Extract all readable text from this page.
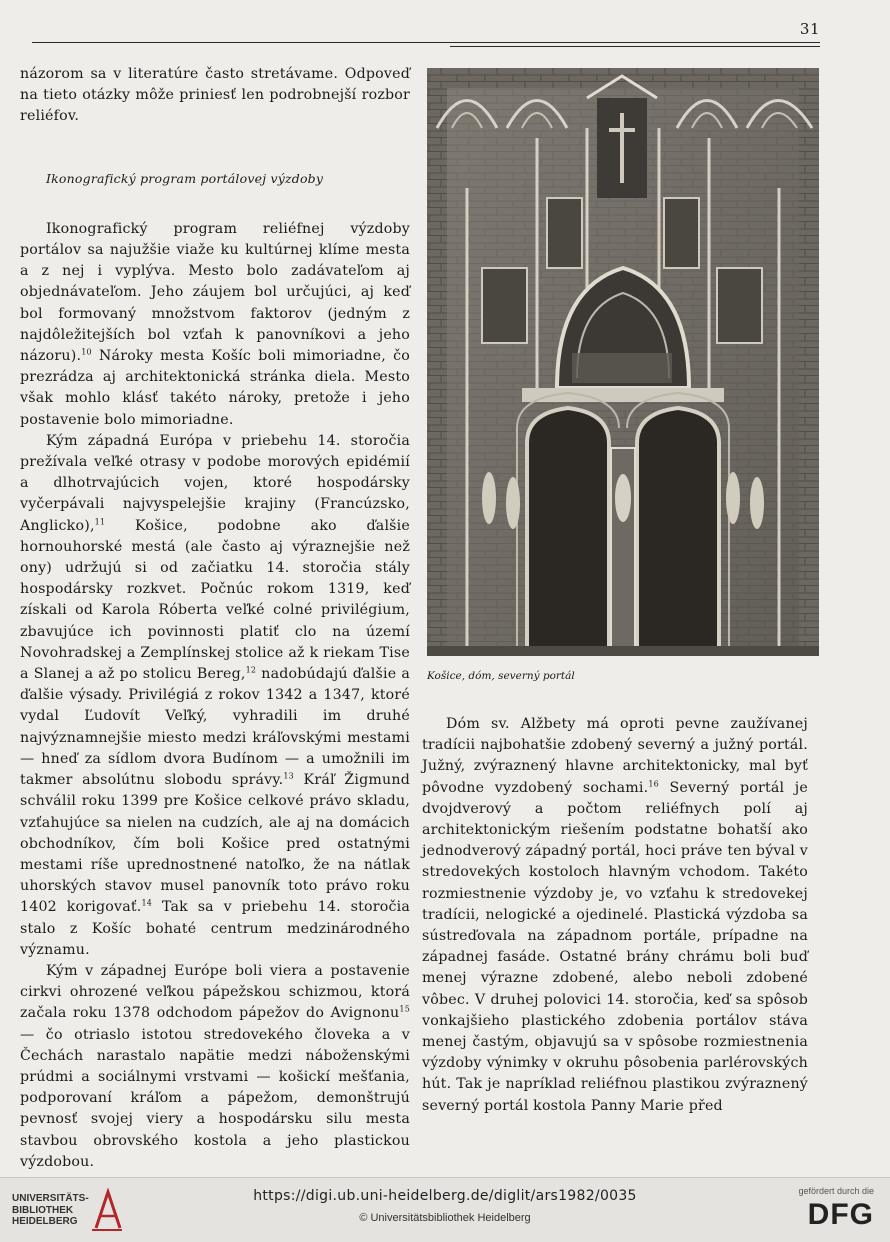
31

názorom sa v literatúre často stretávame. Odpoveď na tieto otázky môže priniesť len podrobnejší rozbor reliéfov.

Ikonografický program portálovej výzdoby

Ikonografický program reliéfnej výzdoby portálov sa najužšie viaže ku kultúrnej klíme mesta a z nej i vyplýva. Mesto bolo zadávateľom aj objednávateľom. Jeho záujem bol určujúci, aj keď bol formovaný množstvom faktorov (jedným z najdôležitejších bol vzťah k panovníkovi a jeho názoru).$^{10}$ Nároky mesta Košíc boli mimoriadne, čo prezrádza aj architektonická stránka diela. Mesto však mohlo klásť takéto nároky, pretože i jeho postavenie bolo mimoriadne.

Kým západná Európa v priebehu 14. storočia prežívala veľké otrasy v podobe morových epidémií a dlhotrvajúcich vojen, ktoré hospodársky vyčerpávali najvyspelejšie krajiny (Francúzsko, Anglicko),$^{11}$ Košice, podobne ako ďalšie hornouhorské mestá (ale často aj výraznejšie než ony) udržujú si od začiatku 14. storočia stály hospodársky rozkvet. Počnúc rokom 1319, keď získali od Karola Róberta veľké colné privilégium, zbavujúce ich povinnosti platiť clo na území Novohradskej a Zemplínskej stolice až k riekam Tise a Slanej a až po stolicu Bereg,$^{12}$ nadobúdajú ďalšie a ďalšie výsady. Privilégiá z rokov 1342 a 1347, ktoré vydal Ľudovít Veľký, vyhradili im druhé najvýznamnejšie miesto medzi kráľovskými mestami — hneď za sídlom dvora Budínom — a umožnili im takmer absolútnu slobodu správy.$^{13}$ Kráľ Žigmund schválil roku 1399 pre Košice celkové právo skladu, vzťahujúce sa nielen na cudzích, ale aj na domácich obchodníkov, čím boli Košice pred ostatnými mestami ríše uprednostnené natoľko, že na nátlak uhorských stavov musel panovník toto právo roku 1402 korigovať.$^{14}$ Tak sa v priebehu 14. storočia stalo z Košíc bohaté centrum medzinárodného významu.

Kým v západnej Európe boli viera a postavenie cirkvi ohrozené veľkou pápežskou schizmou, ktorá začala roku 1378 odchodom pápežov do Avignonu$^{15}$ — čo otriaslo istotou stredovekého človeka a v Čechách narastalo napätie medzi náboženskými prúdmi a sociálnymi vrstvami — košickí mešťania, podporovaní kráľom a pápežom, demonštrujú pevnosť svojej viery a hospodársku silu mesta stavbou obrovského kostola a jeho plastickou výzdobou.

Košice, dóm, severný portál

Dóm sv. Alžbety má oproti pevne zaužívanej tradícii najbohatšie zdobený severný a južný portál. Južný, zvýraznený hlavne architektonicky, mal byť pôvodne vyzdobený sochami.$^{16}$ Severný portál je dvojdverový a počtom reliéfnych polí aj architektonickým riešením podstatne bohatší ako jednodverový západný portál, hoci práve ten býval v stredovekých kostoloch hlavným vchodom. Takéto rozmiestnenie výzdoby je, vo vzťahu k stredovekej tradícii, nelogické a ojedinelé. Plastická výzdoba sa sústreďovala na západnom portále, prípadne na západnej fasáde. Ostatné brány chrámu boli buď menej výrazne zdobené, alebo neboli zdobené vôbec. V druhej polovici 14. storočia, keď sa spôsob vonkajšieho plastického zdobenia portálov stáva menej častým, objavujú sa v spôsobe rozmiestnenia výzdoby výnimky v okruhu pôsobenia parlérovských hút. Tak je napríklad reliéfnou plastikou zvýraznený severný portál kostola Panny Marie před

UNIVERSITÄTS-
BIBLIOTHEK
HEIDELBERG
https://digi.ub.uni-heidelberg.de/diglit/ars1982/0035
© Universitätsbibliothek Heidelberg
gefördert durch die
DFG
